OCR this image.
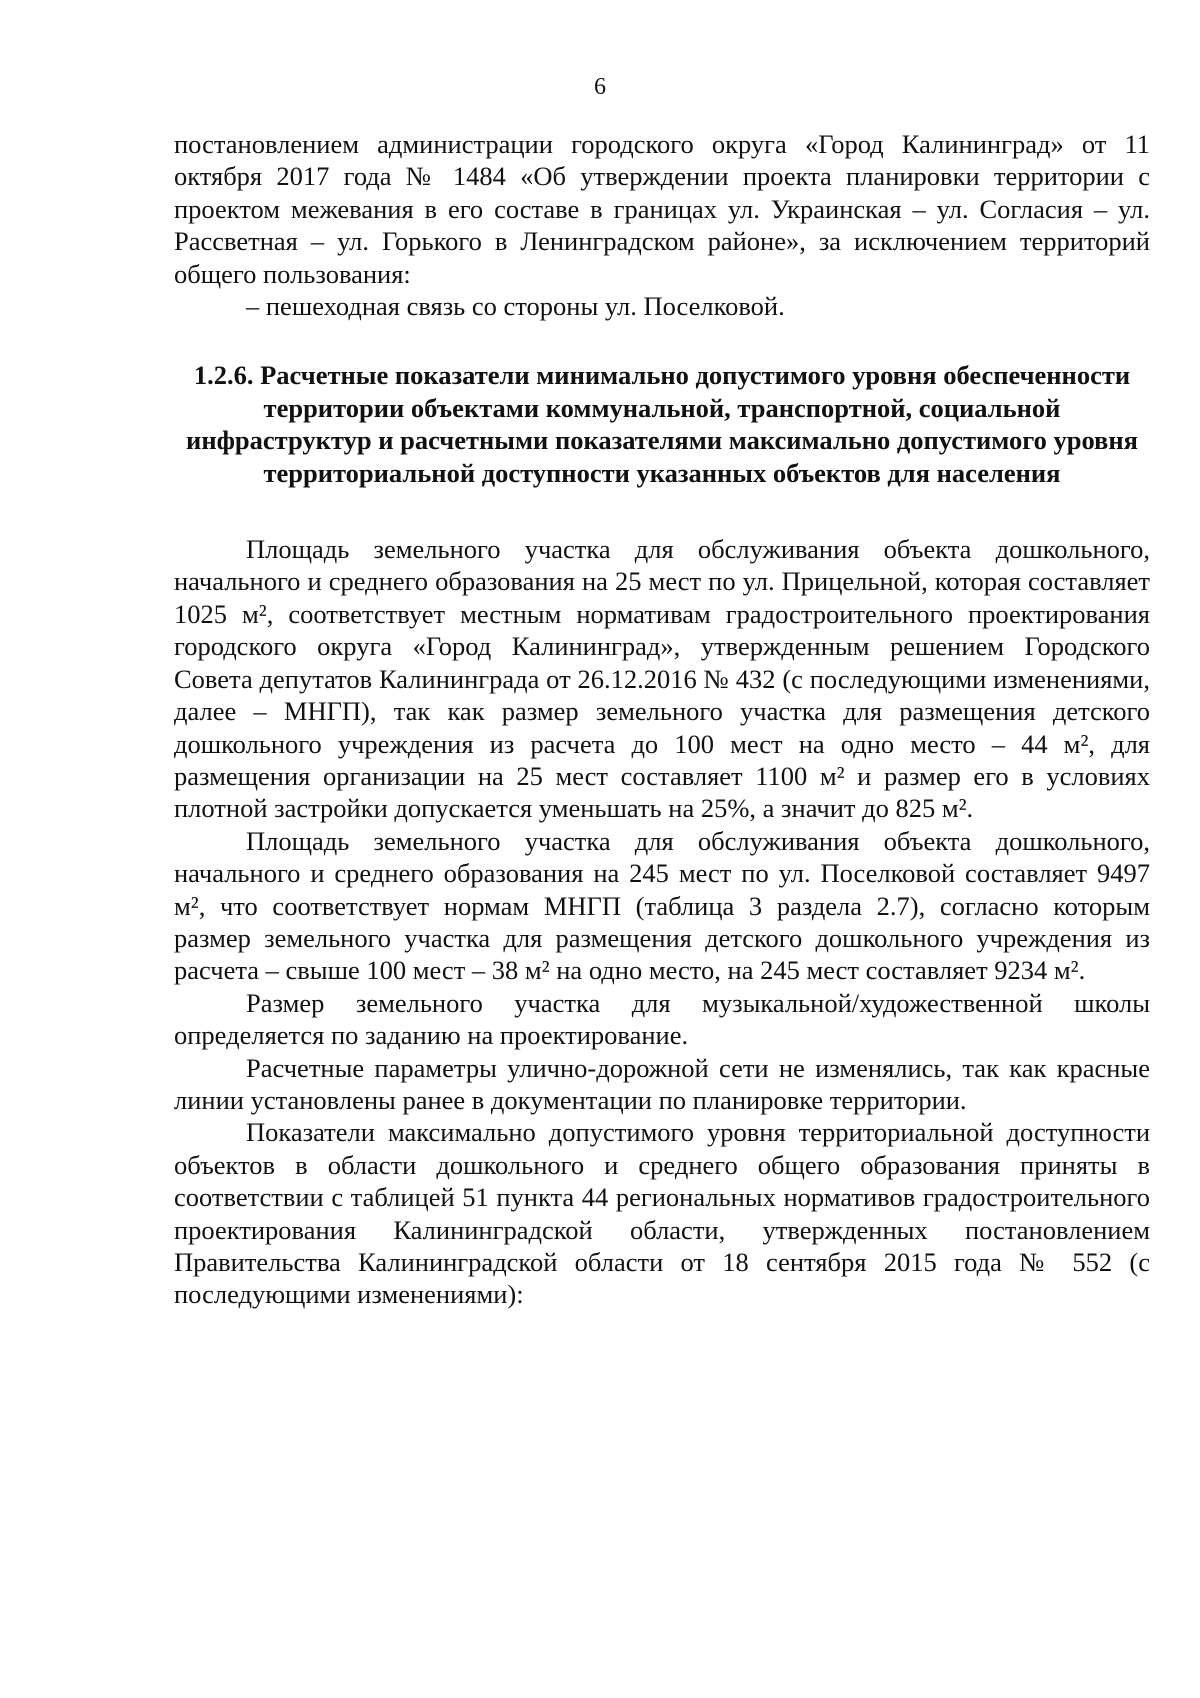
6

постановлением администрации городского округа «Город Калининград» от 11 октября 2017 года № 1484 «Об утверждении проекта планировки территории с проектом межевания в его составе в границах ул. Украинская – ул. Согласия – ул. Рассветная – ул. Горького в Ленинградском районе», за исключением территорий общего пользования:

– пешеходная связь со стороны ул. Поселковой.

1.2.6. Расчетные показатели минимально допустимого уровня обеспеченности территории объектами коммунальной, транспортной, социальной инфраструктур и расчетными показателями максимально допустимого уровня территориальной доступности указанных объектов для населения

Площадь земельного участка для обслуживания объекта дошкольного, начального и среднего образования на 25 мест по ул. Прицельной, которая составляет 1025 м², соответствует местным нормативам градостроительного проектирования городского округа «Город Калининград», утвержденным решением Городского Совета депутатов Калининграда от 26.12.2016 № 432 (с последующими изменениями, далее – МНГП), так как размер земельного участка для размещения детского дошкольного учреждения из расчета до 100 мест на одно место – 44 м², для размещения организации на 25 мест составляет 1100 м² и размер его в условиях плотной застройки допускается уменьшать на 25%, а значит до 825 м².

Площадь земельного участка для обслуживания объекта дошкольного, начального и среднего образования на 245 мест по ул. Поселковой составляет 9497 м², что соответствует нормам МНГП (таблица 3 раздела 2.7), согласно которым размер земельного участка для размещения детского дошкольного учреждения из расчета – свыше 100 мест – 38 м² на одно место, на 245 мест составляет 9234 м².

Размер земельного участка для музыкальной/художественной школы определяется по заданию на проектирование.

Расчетные параметры улично-дорожной сети не изменялись, так как красные линии установлены ранее в документации по планировке территории.

Показатели максимально допустимого уровня территориальной доступности объектов в области дошкольного и среднего общего образования приняты в соответствии с таблицей 51 пункта 44 региональных нормативов градостроительного проектирования Калининградской области, утвержденных постановлением Правительства Калининградской области от 18 сентября 2015 года № 552 (с последующими изменениями):
